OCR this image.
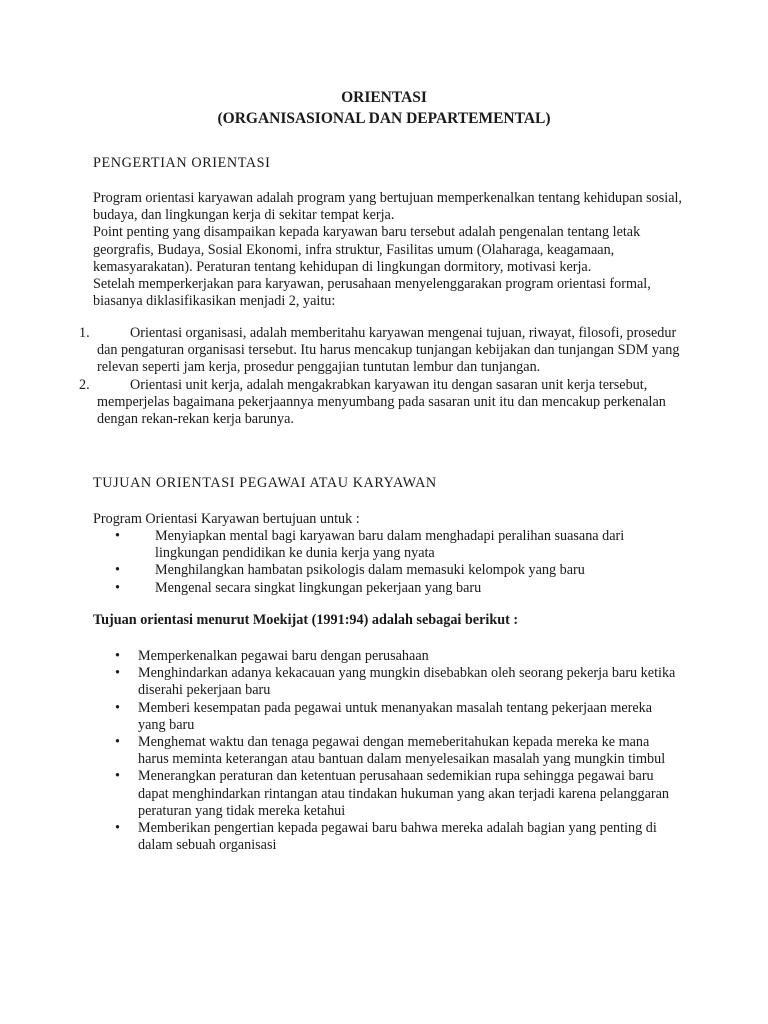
ORIENTASI
(ORGANISASIONAL DAN DEPARTEMENTAL)
PENGERTIAN ORIENTASI

Program orientasi karyawan adalah program yang bertujuan memperkenalkan tentang kehidupan sosial, budaya, dan lingkungan kerja di sekitar tempat kerja.

Point penting yang disampaikan kepada karyawan baru tersebut adalah pengenalan tentang letak georgrafis, Budaya, Sosial Ekonomi, infra struktur, Fasilitas umum (Olaharaga, keagamaan, kemasyarakatan). Peraturan tentang kehidupan di lingkungan dormitory, motivasi kerja.

Setelah memperkerjakan para karyawan, perusahaan menyelenggarakan program orientasi formal, biasanya diklasifikasikan menjadi 2, yaitu:

1.	Orientasi organisasi, adalah memberitahu karyawan mengenai tujuan, riwayat, filosofi, prosedur dan pengaturan organisasi tersebut. Itu harus mencakup tunjangan kebijakan dan tunjangan SDM yang relevan seperti jam kerja, prosedur penggajian tuntutan lembur dan tunjangan.
2.	Orientasi unit kerja, adalah mengakrabkan karyawan itu dengan sasaran unit kerja tersebut, memperjelas bagaimana pekerjaannya menyumbang pada sasaran unit itu dan mencakup perkenalan dengan rekan-rekan kerja barunya.
TUJUAN ORIENTASI PEGAWAI ATAU KARYAWAN
Program Orientasi Karyawan bertujuan untuk :
• Menyiapkan mental bagi karyawan baru dalam menghadapi peralihan suasana dari lingkungan pendidikan ke dunia kerja yang nyata
• Menghilangkan hambatan psikologis dalam memasuki kelompok yang baru
• Mengenal secara singkat lingkungan pekerjaan yang baru
Tujuan orientasi menurut Moekijat (1991:94) adalah sebagai berikut :
• Memperkenalkan pegawai baru dengan perusahaan
• Menghindarkan adanya kekacauan yang mungkin disebabkan oleh seorang pekerja baru ketika diserahi pekerjaan baru
• Memberi kesempatan pada pegawai untuk menanyakan masalah tentang pekerjaan mereka yang baru
• Menghemat waktu dan tenaga pegawai dengan memeberitahukan kepada mereka ke mana harus meminta keterangan atau bantuan dalam menyelesaikan masalah yang mungkin timbul
• Menerangkan peraturan dan ketentuan perusahaan sedemikian rupa sehingga pegawai baru dapat menghindarkan rintangan atau tindakan hukuman yang akan terjadi karena pelanggaran peraturan yang tidak mereka ketahui
• Memberikan pengertian kepada pegawai baru bahwa mereka adalah bagian yang penting di dalam sebuah organisasi
